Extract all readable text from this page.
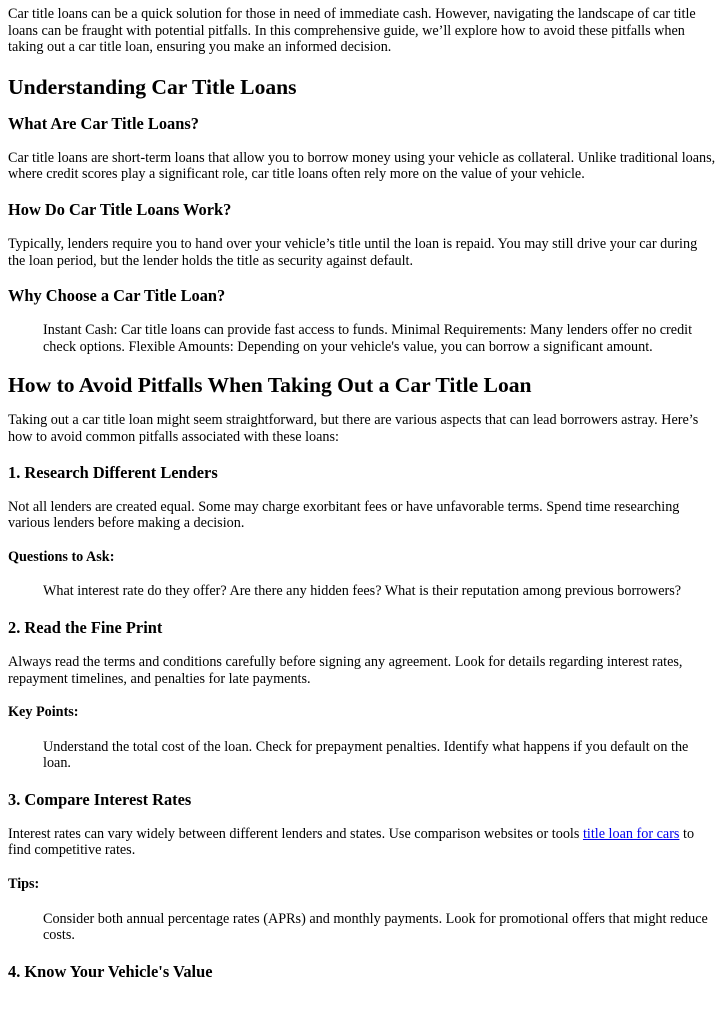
Car title loans can be a quick solution for those in need of immediate cash. However, navigating the landscape of car title loans can be fraught with potential pitfalls. In this comprehensive guide, we’ll explore how to avoid these pitfalls when taking out a car title loan, ensuring you make an informed decision.

Understanding Car Title Loans
What Are Car Title Loans?

Car title loans are short-term loans that allow you to borrow money using your vehicle as collateral. Unlike traditional loans, where credit scores play a significant role, car title loans often rely more on the value of your vehicle.

How Do Car Title Loans Work?

Typically, lenders require you to hand over your vehicle’s title until the loan is repaid. You may still drive your car during the loan period, but the lender holds the title as security against default.

Why Choose a Car Title Loan?
Instant Cash: Car title loans can provide fast access to funds. Minimal Requirements: Many lenders offer no credit check options. Flexible Amounts: Depending on your vehicle's value, you can borrow a significant amount.
How to Avoid Pitfalls When Taking Out a Car Title Loan

Taking out a car title loan might seem straightforward, but there are various aspects that can lead borrowers astray. Here’s how to avoid common pitfalls associated with these loans:

1. Research Different Lenders

Not all lenders are created equal. Some may charge exorbitant fees or have unfavorable terms. Spend time researching various lenders before making a decision.

Questions to Ask:
What interest rate do they offer? Are there any hidden fees? What is their reputation among previous borrowers?
2. Read the Fine Print

Always read the terms and conditions carefully before signing any agreement. Look for details regarding interest rates, repayment timelines, and penalties for late payments.

Key Points:
Understand the total cost of the loan. Check for prepayment penalties. Identify what happens if you default on the loan.
3. Compare Interest Rates

Interest rates can vary widely between different lenders and states. Use comparison websites or tools title loan for cars to find competitive rates.

Tips:
Consider both annual percentage rates (APRs) and monthly payments. Look for promotional offers that might reduce costs.
4. Know Your Vehicle's Value
